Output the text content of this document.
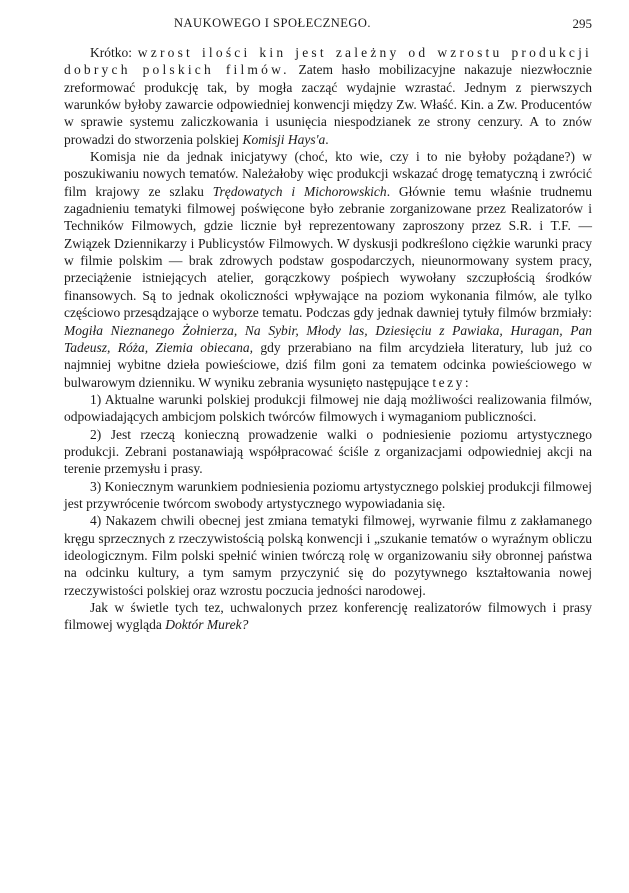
NAUKOWEGO I SPOŁECZNEGO.	295

Krótko: wzrost ilości kin jest zależny od wzrostu produkcji dobrych polskich filmów. Zatem hasło mobilizacyjne nakazuje niezwłocznie zreformować produkcję tak, by mogła zacząć wydajnie wzrastać. Jednym z pierwszych warunków byłoby zawarcie odpowiedniej konwencji między Zw. Właść. Kin. a Zw. Producentów w sprawie systemu zaliczkowania i usunięcia niespodzianek ze strony cenzury. A to znów prowadzi do stworzenia polskiej Komisji Hays'a.

Komisja nie da jednak inicjatywy (choć, kto wie, czy i to nie byłoby pożądane?) w poszukiwaniu nowych tematów. Należałoby więc produkcji wskazać drogę tematyczną i zwrócić film krajowy ze szlaku Trędowatych i Michorowskich. Głównie temu właśnie trudnemu zagadnieniu tematyki filmowej poświęcone było zebranie zorganizowane przez Realizatorów i Techników Filmowych, gdzie licznie był reprezentowany zaproszony przez S.R. i T.F. — Związek Dziennikarzy i Publicystów Filmowych. W dyskusji podkreślono ciężkie warunki pracy w filmie polskim — brak zdrowych podstaw gospodarczych, nieunormowany system pracy, przeciążenie istniejących atelier, gorączkowy pośpiech wywołany szczupłością środków finansowych. Są to jednak okoliczności wpływające na poziom wykonania filmów, ale tylko częściowo przesądzające o wyborze tematu. Podczas gdy jednak dawniej tytuły filmów brzmiały: Mogiła Nieznanego Żołnierza, Na Sybir, Młody las, Dziesięciu z Pawiaka, Huragan, Pan Tadeusz, Róża, Ziemia obiecana, gdy przerabiano na film arcydzieła literatury, lub już co najmniej wybitne dzieła powieściowe, dziś film goni za tematem odcinka powieściowego w bulwarowym dzienniku. W wyniku zebrania wysunięto następujące tezy:

1) Aktualne warunki polskiej produkcji filmowej nie dają możliwości realizowania filmów, odpowiadających ambicjom polskich twórców filmowych i wymaganiom publiczności.

2) Jest rzeczą konieczną prowadzenie walki o podniesienie poziomu artystycznego produkcji. Zebrani postanawiają współpracować ściśle z organizacjami odpowiedniej akcji na terenie przemysłu i prasy.

3) Koniecznym warunkiem podniesienia poziomu artystycznego polskiej produkcji filmowej jest przywrócenie twórcom swobody artystycznego wypowiadania się.

4) Nakazem chwili obecnej jest zmiana tematyki filmowej, wyrwanie filmu z zakłamanego kręgu sprzecznych z rzeczywistością polską konwencji i „szukanie tematów o wyraźnym obliczu ideologicznym. Film polski spełnić winien twórczą rolę w organizowaniu siły obronnej państwa na odcinku kultury, a tym samym przyczynić się do pozytywnego kształtowania nowej rzeczywistości polskiej oraz wzrostu poczucia jedności narodowej.

Jak w świetle tych tez, uchwalonych przez konferencję realizatorów filmowych i prasy filmowej wygląda Doktór Murek?
